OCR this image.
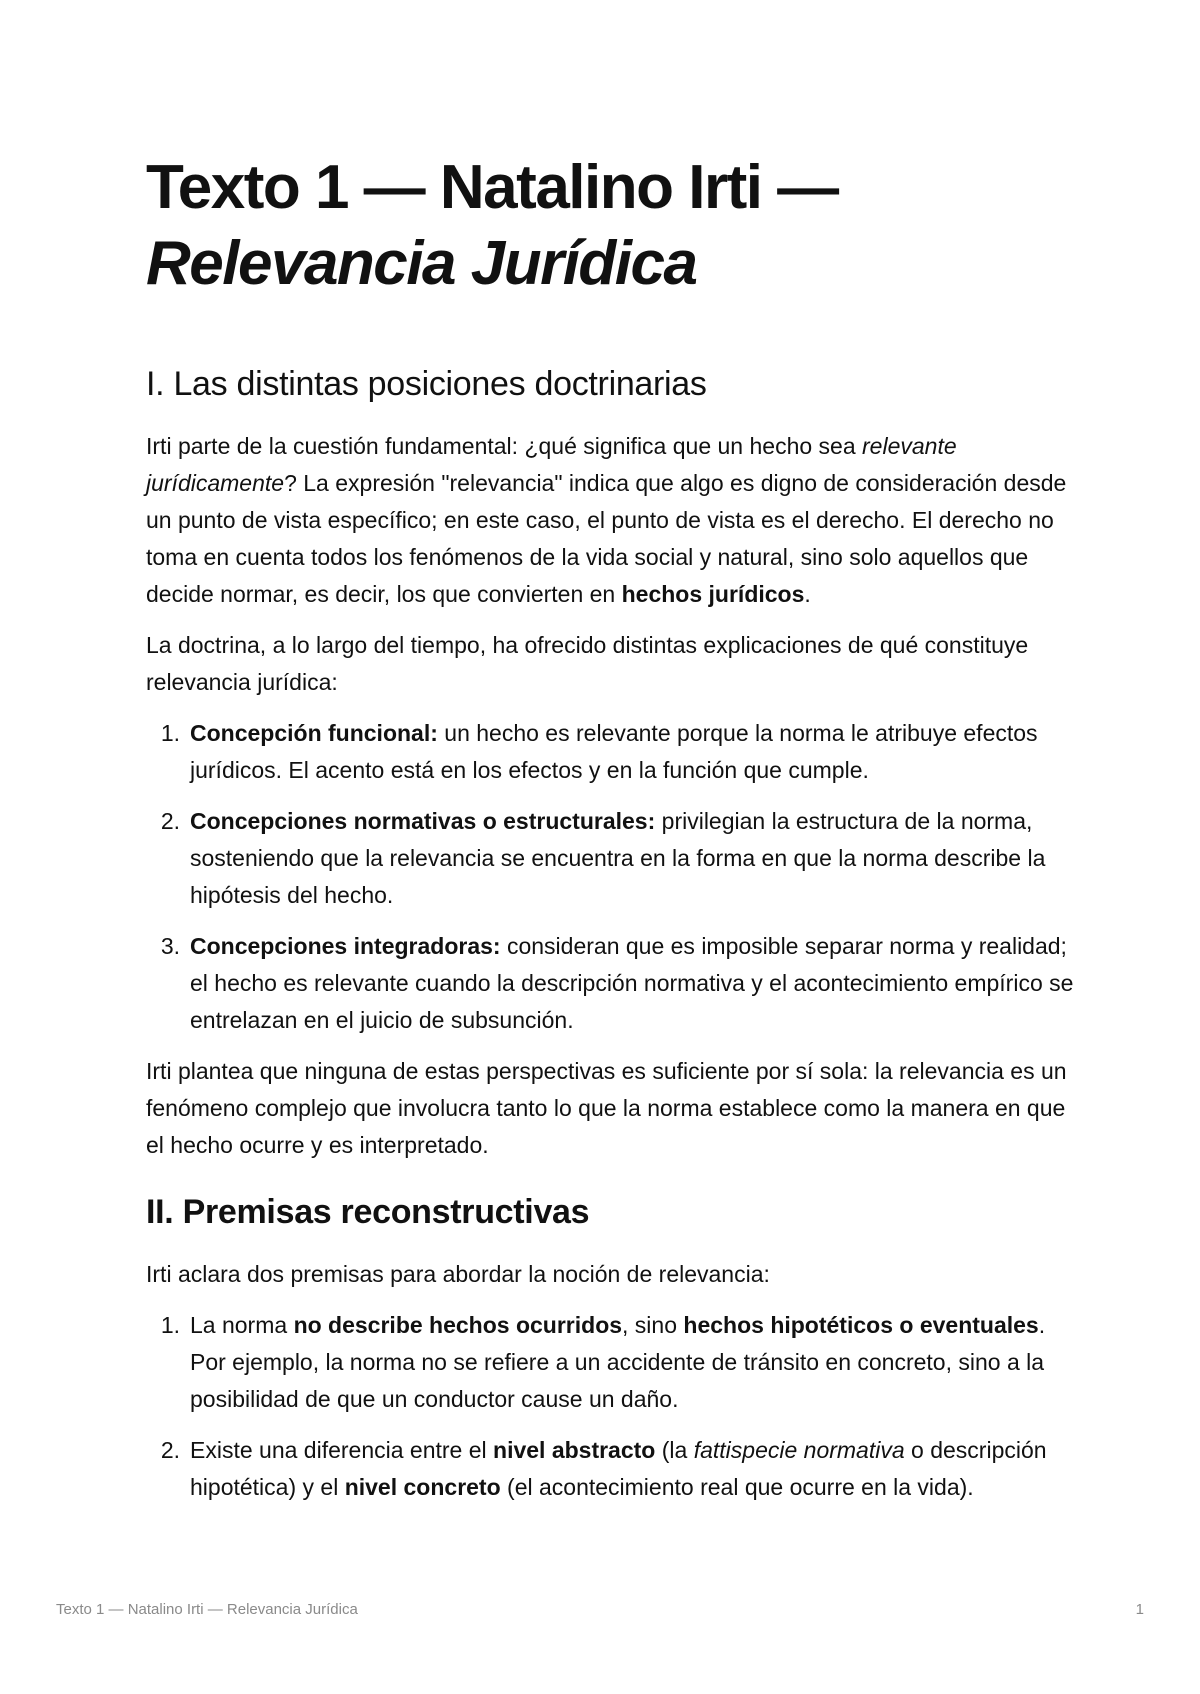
Texto 1 — Natalino Irti —
Relevancia Jurídica
I. Las distintas posiciones doctrinarias

Irti parte de la cuestión fundamental: ¿qué significa que un hecho sea relevante jurídicamente? La expresión "relevancia" indica que algo es digno de consideración desde un punto de vista específico; en este caso, el punto de vista es el derecho. El derecho no toma en cuenta todos los fenómenos de la vida social y natural, sino solo aquellos que decide normar, es decir, los que convierten en hechos jurídicos.

La doctrina, a lo largo del tiempo, ha ofrecido distintas explicaciones de qué constituye relevancia jurídica:

1. Concepción funcional: un hecho es relevante porque la norma le atribuye efectos jurídicos. El acento está en los efectos y en la función que cumple.
2. Concepciones normativas o estructurales: privilegian la estructura de la norma, sosteniendo que la relevancia se encuentra en la forma en que la norma describe la hipótesis del hecho.
3. Concepciones integradoras: consideran que es imposible separar norma y realidad; el hecho es relevante cuando la descripción normativa y el acontecimiento empírico se entrelazan en el juicio de subsunción.

Irti plantea que ninguna de estas perspectivas es suficiente por sí sola: la relevancia es un fenómeno complejo que involucra tanto lo que la norma establece como la manera en que el hecho ocurre y es interpretado.

II. Premisas reconstructivas

Irti aclara dos premisas para abordar la noción de relevancia:

1. La norma no describe hechos ocurridos, sino hechos hipotéticos o eventuales. Por ejemplo, la norma no se refiere a un accidente de tránsito en concreto, sino a la posibilidad de que un conductor cause un daño.
2. Existe una diferencia entre el nivel abstracto (la fattispecie normativa o descripción hipotética) y el nivel concreto (el acontecimiento real que ocurre en la vida).
Texto 1 — Natalino Irti — Relevancia Jurídica	1
